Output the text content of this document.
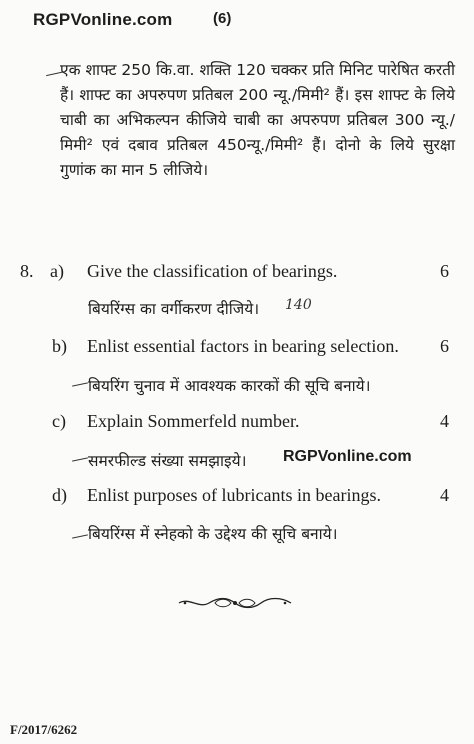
RGPVonline.com	(6)
एक शाफ्ट 250 कि.वा. शक्ति 120 चक्कर प्रति मिनिट पारेषित करती हैं। शाफ्ट का अपरुपण प्रतिबल 200 न्यू./मिमी² हैं। इस शाफ्ट के लिये चाबी का अभिकल्पन कीजिये चाबी का अपरुपण प्रतिबल 300 न्यू./मिमी² एवं दबाव प्रतिबल 450न्यू./मिमी² हैं। दोनो के लिये सुरक्षा गुणांक का मान 5 लीजिये।
8. a) Give the classification of bearings.	6
बियरिंग्स का वर्गीकरण दीजिये। 140
b) Enlist essential factors in bearing selection. 6
बियरिंग चुनाव में आवश्यक कारकों की सूचि बनाये।
c) Explain Sommerfeld number.	4
समरफील्ड संख्या समझाइये। RGPVonline.com
d) Enlist purposes of lubricants in bearings.	4
बियरिंग्स में स्नेहको के उद्देश्य की सूचि बनाये।
F/2017/6262
